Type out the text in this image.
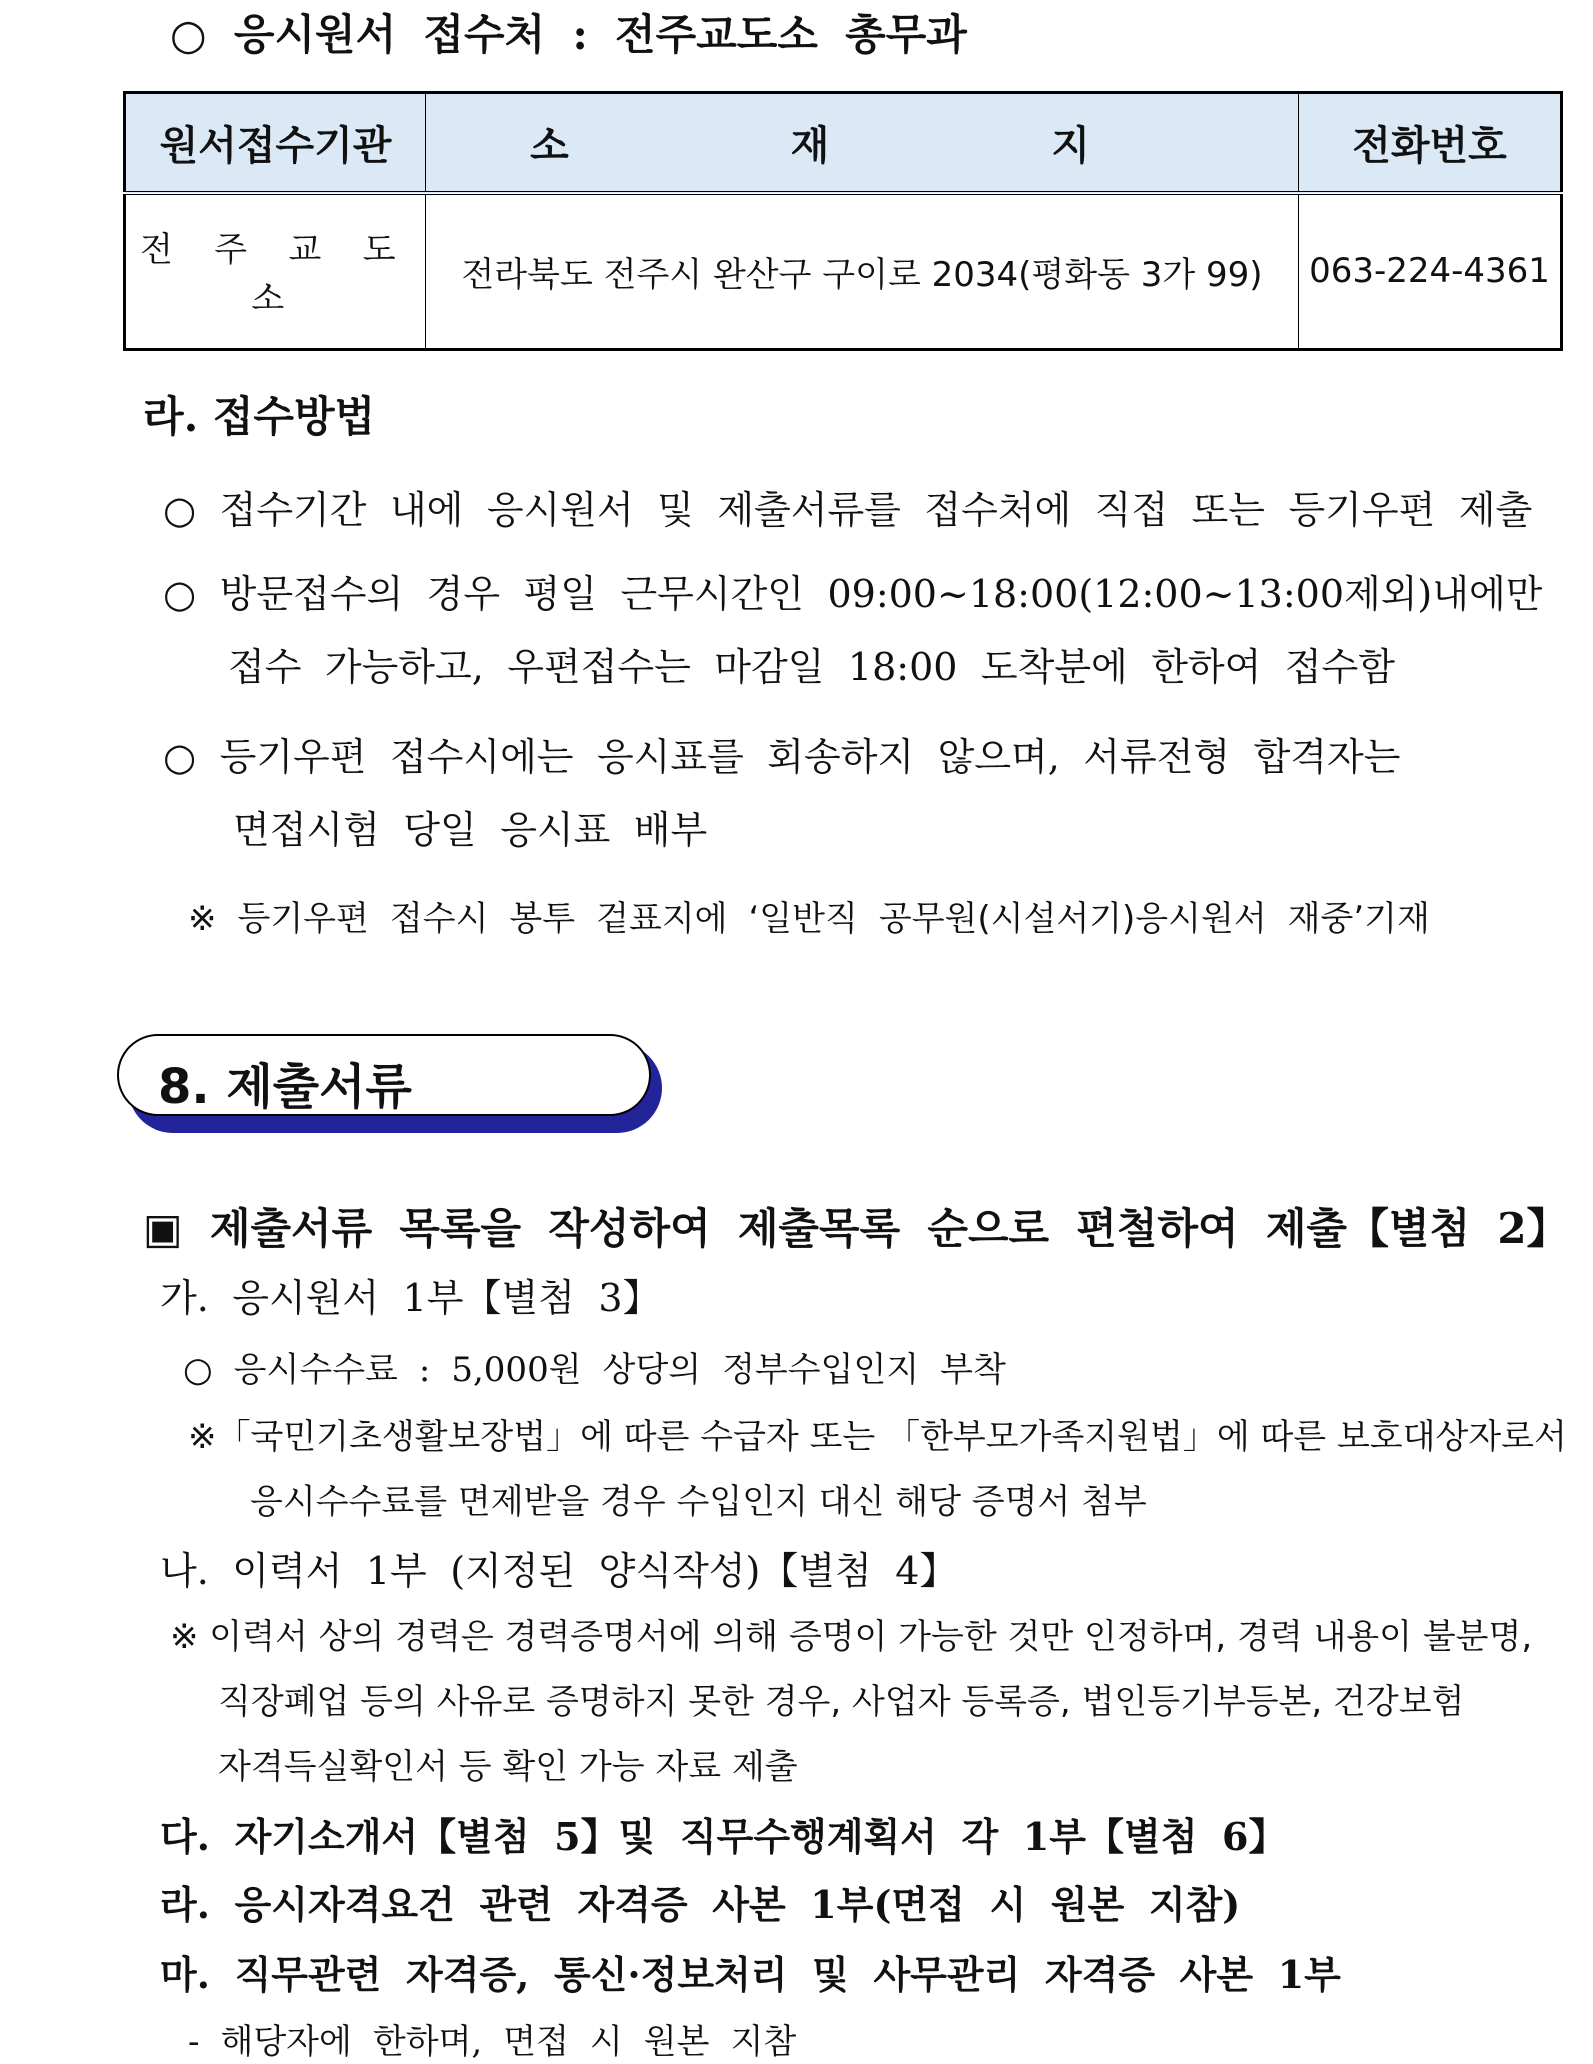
○ 응시원서 접수처 : 전주교도소 총무과
원서접수기관	소 재 지	전화번호
전 주 교 도 소	전라북도 전주시 완산구 구이로 2034(평화동 3가 99)	063-224-4361
라. 접수방법
○ 접수기간 내에 응시원서 및 제출서류를 접수처에 직접 또는 등기우편 제출
○ 방문접수의 경우 평일 근무시간인 09:00~18:00(12:00~13:00제외)내에만
접수 가능하고, 우편접수는 마감일 18:00 도착분에 한하여 접수함
○ 등기우편 접수시에는 응시표를 회송하지 않으며, 서류전형 합격자는
면접시험 당일 응시표 배부
※ 등기우편 접수시 봉투 겉표지에 ‘일반직 공무원(시설서기)응시원서 재중’기재
8. 제출서류
▣ 제출서류 목록을 작성하여 제출목록 순으로 편철하여 제출【별첨 2】
가. 응시원서 1부【별첨 3】
○ 응시수수료 : 5,000원 상당의 정부수입인지 부착
※「국민기초생활보장법」에 따른 수급자 또는 「한부모가족지원법」에 따른 보호대상자로서
응시수수료를 면제받을 경우 수입인지 대신 해당 증명서 첨부
나. 이력서 1부 (지정된 양식작성)【별첨 4】
※ 이력서 상의 경력은 경력증명서에 의해 증명이 가능한 것만 인정하며, 경력 내용이 불분명,
직장폐업 등의 사유로 증명하지 못한 경우, 사업자 등록증, 법인등기부등본, 건강보험
자격득실확인서 등 확인 가능 자료 제출
다. 자기소개서【별첨 5】및 직무수행계획서 각 1부【별첨 6】
라. 응시자격요건 관련 자격증 사본 1부(면접 시 원본 지참)
마. 직무관련 자격증, 통신·정보처리 및 사무관리 자격증 사본 1부
- 해당자에 한하며, 면접 시 원본 지참
